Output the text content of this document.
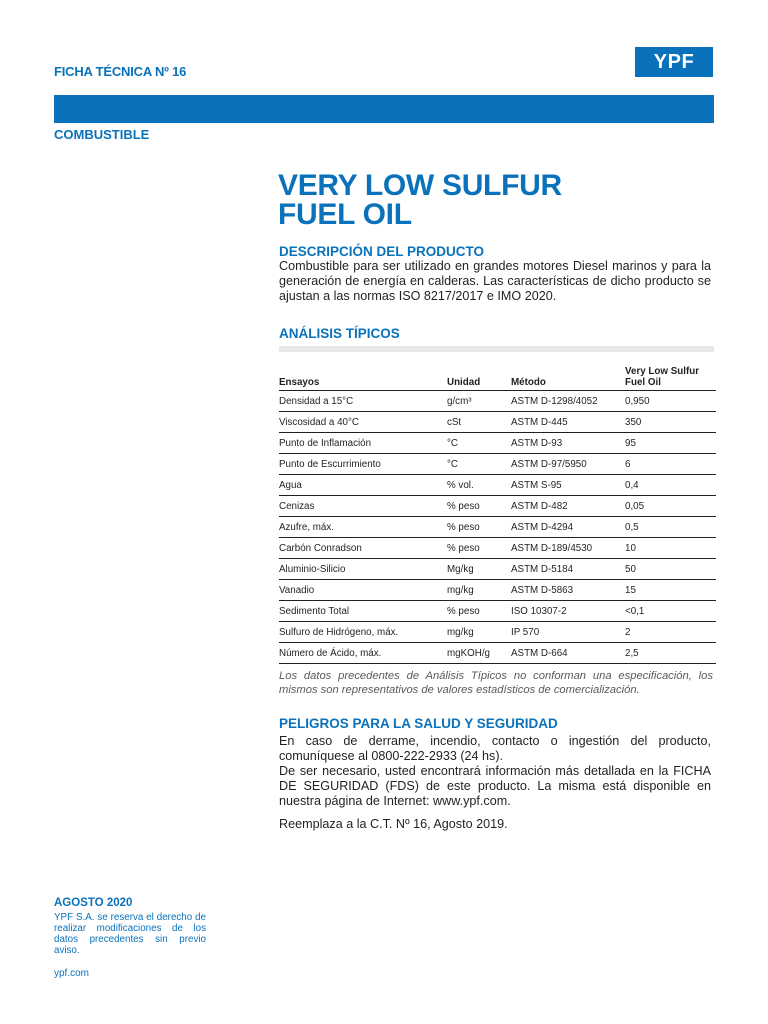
FICHA TÉCNICA Nº 16	YPF
COMBUSTIBLE
VERY LOW SULFUR
FUEL OIL
DESCRIPCIÓN DEL PRODUCTO
Combustible para ser utilizado en grandes motores Diesel marinos y para la generación de energía en calderas. Las características de dicho producto se ajustan a las normas ISO 8217/2017 e IMO 2020.
ANÁLISIS TÍPICOS
Ensayos	Unidad	Método	Very Low Sulfur Fuel Oil
Densidad a 15°C	g/cm³	ASTM D-1298/4052	0,950
Viscosidad a 40°C	cSt	ASTM D-445	350
Punto de Inflamación	°C	ASTM D-93	95
Punto de Escurrimiento	°C	ASTM D-97/5950	6
Agua	% vol.	ASTM S-95	0,4
Cenizas	% peso	ASTM D-482	0,05
Azufre, máx.	% peso	ASTM D-4294	0,5
Carbón Conradson	% peso	ASTM D-189/4530	10
Aluminio-Silicio	Mg/kg	ASTM D-5184	50
Vanadio	mg/kg	ASTM D-5863	15
Sedimento Total	% peso	ISO 10307-2	<0,1
Sulfuro de Hidrógeno, máx.	mg/kg	IP 570	2
Número de Ácido, máx.	mgKOH/g	ASTM D-664	2,5
Los datos precedentes de Análisis Típicos no conforman una especificación, los mismos son representativos de valores estadísticos de comercialización.
PELIGROS PARA LA SALUD Y SEGURIDAD

En caso de derrame, incendio, contacto o ingestión del producto, comuníquese al 0800-222-2933 (24 hs).

De ser necesario, usted encontrará información más detallada en la FICHA DE SEGURIDAD (FDS) de este producto. La misma está disponible en nuestra página de Internet: www.ypf.com.

Reemplaza a la C.T. Nº 16, Agosto 2019.
AGOSTO 2020
YPF S.A. se reserva el derecho de realizar modificaciones de los datos precedentes sin previo aviso.
ypf.com
